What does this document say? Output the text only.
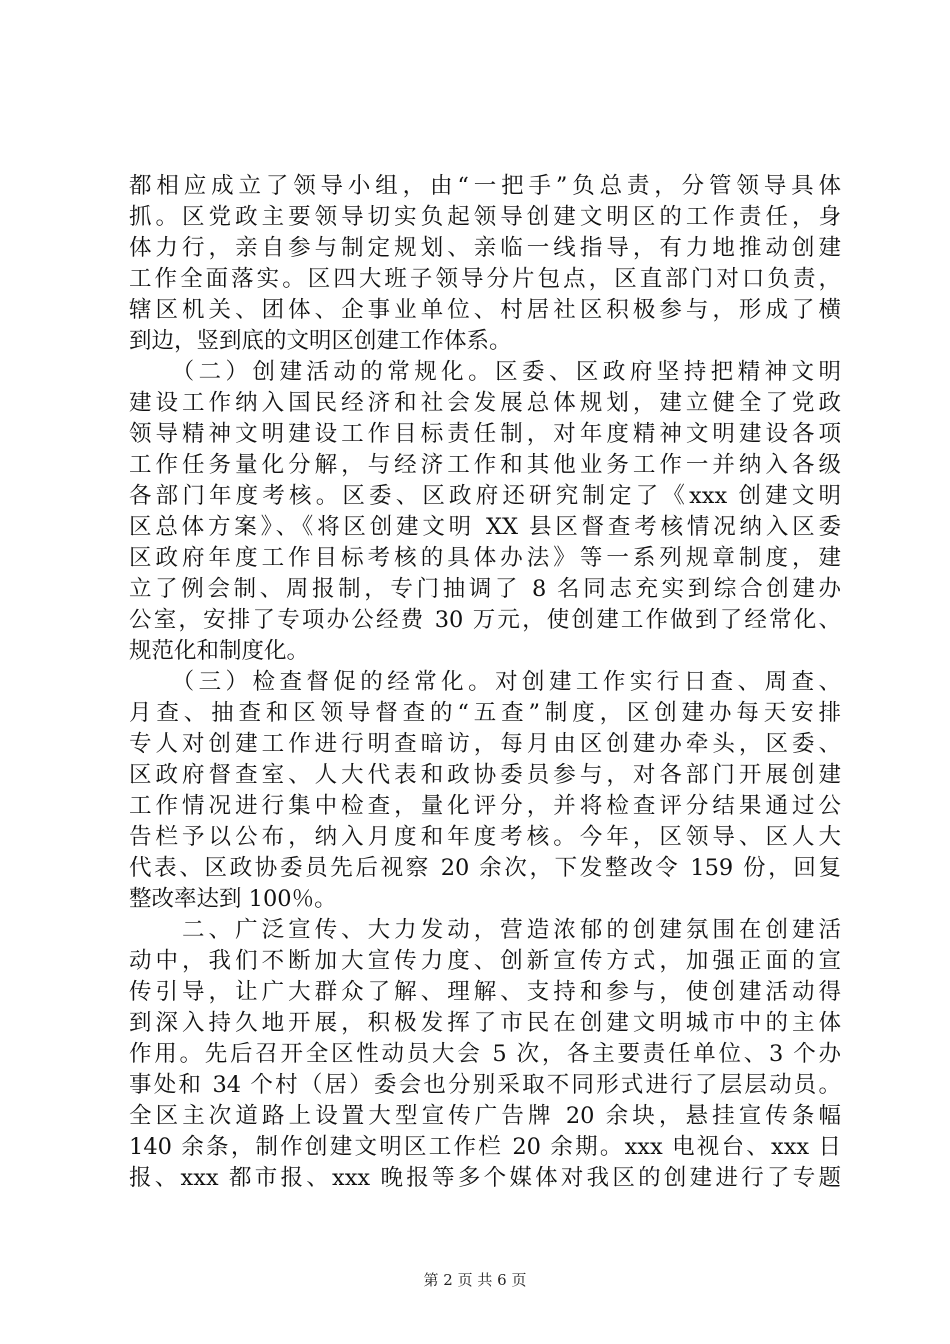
都相应成立了领导小组，由“一把手”负总责，分管领导具体
抓。区党政主要领导切实负起领导创建文明区的工作责任，身
体力行，亲自参与制定规划、亲临一线指导，有力地推动创建
工作全面落实。区四大班子领导分片包点，区直部门对口负责，
辖区机关、团体、企事业单位、村居社区积极参与，形成了横
到边，竖到底的文明区创建工作体系。
　　（二）创建活动的常规化。区委、区政府坚持把精神文明
建设工作纳入国民经济和社会发展总体规划，建立健全了党政
领导精神文明建设工作目标责任制，对年度精神文明建设各项
工作任务量化分解，与经济工作和其他业务工作一并纳入各级
各部门年度考核。区委、区政府还研究制定了《xxx 创建文明
区总体方案》、《将区创建文明 XX 县区督查考核情况纳入区委
区政府年度工作目标考核的具体办法》等一系列规章制度，建
立了例会制、周报制，专门抽调了 8 名同志充实到综合创建办
公室，安排了专项办公经费 30 万元，使创建工作做到了经常化、
规范化和制度化。
　　（三）检查督促的经常化。对创建工作实行日查、周查、
月查、抽查和区领导督查的“五查”制度，区创建办每天安排
专人对创建工作进行明查暗访，每月由区创建办牵头，区委、
区政府督查室、人大代表和政协委员参与，对各部门开展创建
工作情况进行集中检查，量化评分，并将检查评分结果通过公
告栏予以公布，纳入月度和年度考核。今年，区领导、区人大
代表、区政协委员先后视察 20 余次，下发整改令 159 份，回复
整改率达到 100％。
　　二、广泛宣传、大力发动，营造浓郁的创建氛围在创建活
动中，我们不断加大宣传力度、创新宣传方式，加强正面的宣
传引导，让广大群众了解、理解、支持和参与，使创建活动得
到深入持久地开展，积极发挥了市民在创建文明城市中的主体
作用。先后召开全区性动员大会 5 次，各主要责任单位、3 个办
事处和 34 个村（居）委会也分别采取不同形式进行了层层动员。
全区主次道路上设置大型宣传广告牌 20 余块，悬挂宣传条幅
140 余条，制作创建文明区工作栏 20 余期。xxx 电视台、xxx 日
报、xxx 都市报、xxx 晚报等多个媒体对我区的创建进行了专题
第 2 页 共 6 页
